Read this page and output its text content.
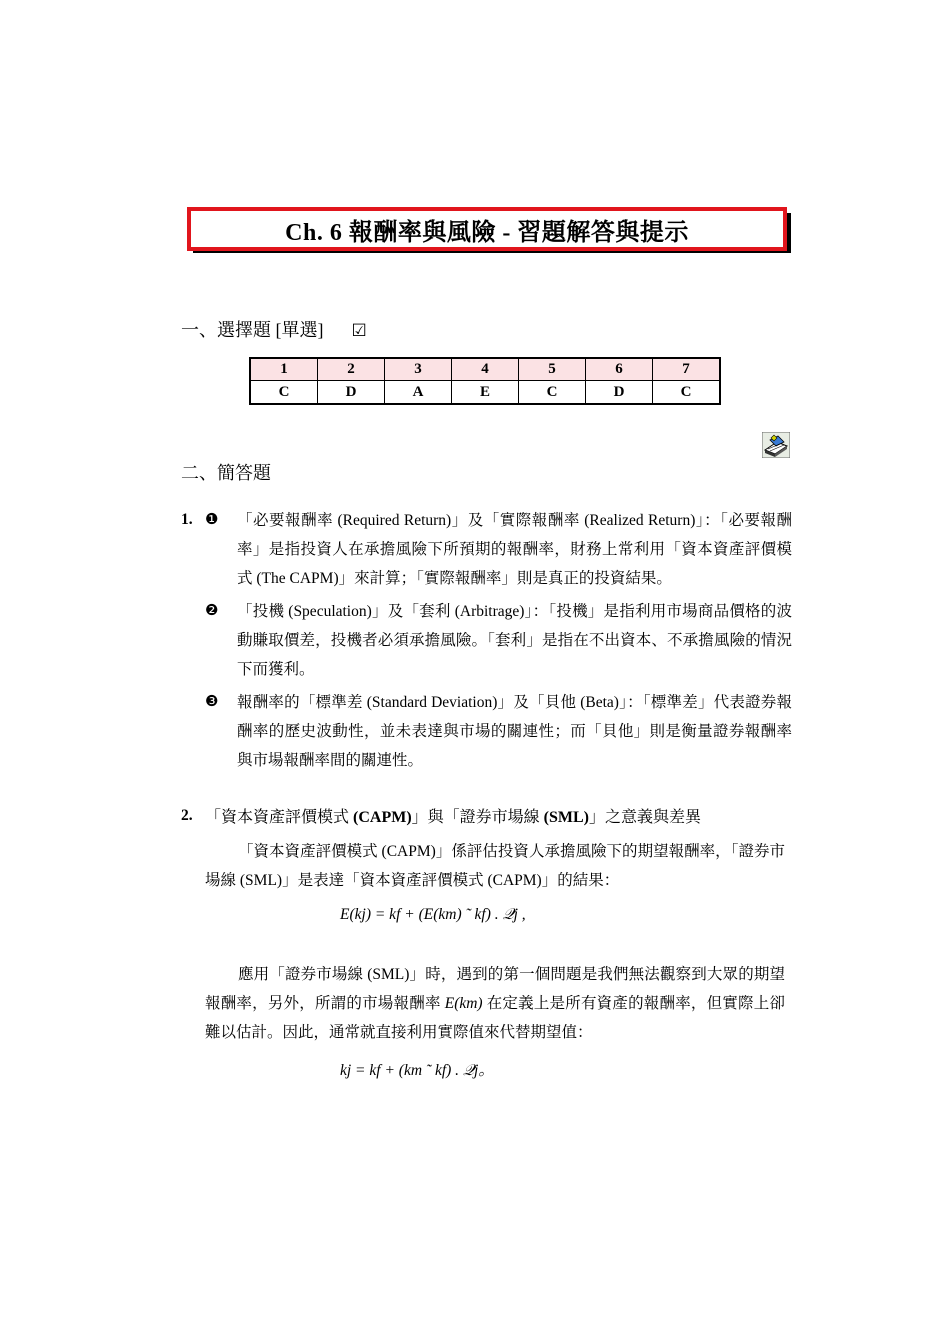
Ch. 6 報酬率與風險 - 習題解答與提示
一、選擇題 [單選] ☑
1	2	3	4	5	6	7
C	D	A	E	C	D	C
二、簡答題
1. ❶ 「必要報酬率 (Required Return)」及「實際報酬率 (Realized Return)」：「必要報酬率」是指投資人在承擔風險下所預期的報酬率，財務上常利用「資本資產評價模式 (The CAPM)」來計算；「實際報酬率」則是真正的投資結果。
❷ 「投機 (Speculation)」及「套利 (Arbitrage)」：「投機」是指利用市場商品價格的波動賺取價差，投機者必須承擔風險。「套利」是指在不出資本、不承擔風險的情況下而獲利。
❸ 報酬率的「標準差 (Standard Deviation)」及「貝他 (Beta)」：「標準差」代表證券報酬率的歷史波動性，並未表達與市場的關連性；而「貝他」則是衡量證券報酬率與市場報酬率間的關連性。
2. 「資本資產評價模式 (CAPM)」與「證券市場線 (SML)」之意義與差異
「資本資產評價模式 (CAPM)」係評估投資人承擔風險下的期望報酬率，「證券市場線 (SML)」是表達「資本資產評價模式 (CAPM)」的結果：
E(kj) = kf + (E(km) ˜ kf) . 𝒬j ,
應用「證券市場線 (SML)」時，遇到的第一個問題是我們無法觀察到大眾的期望報酬率，另外，所謂的市場報酬率 E(km) 在定義上是所有資產的報酬率，但實際上卻難以估計。因此，通常就直接利用實際值來代替期望值：
kj = kf + (km ˜ kf) . 𝒬j。
